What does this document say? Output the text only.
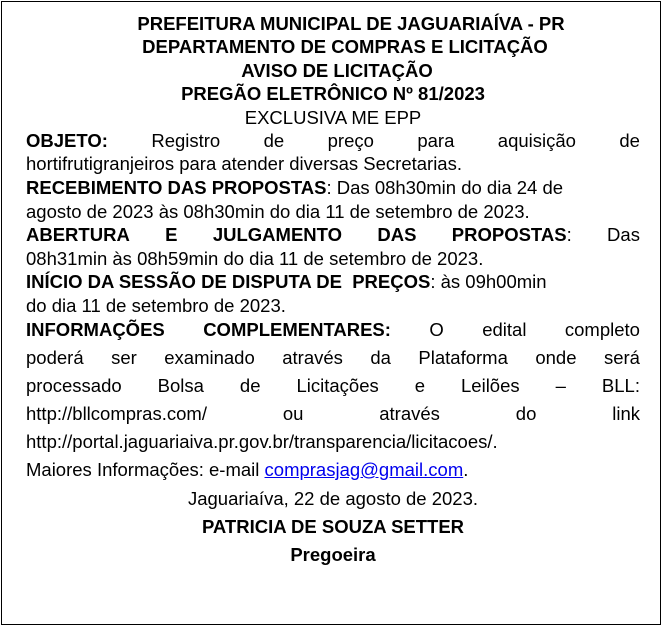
PREFEITURA MUNICIPAL DE JAGUARIAÍVA - PR
DEPARTAMENTO DE COMPRAS E LICITAÇÃO
AVISO DE LICITAÇÃO
PREGÃO ELETRÔNICO Nº 81/2023
EXCLUSIVA ME EPP
OBJETO: Registro de preço para aquisição de
hortifrutigranjeiros para atender diversas Secretarias.
RECEBIMENTO DAS PROPOSTAS: Das 08h30min do dia 24 de
agosto de 2023 às 08h30min do dia 11 de setembro de 2023.
ABERTURA E JULGAMENTO DAS PROPOSTAS: Das
08h31min às 08h59min do dia 11 de setembro de 2023.
INÍCIO DA SESSÃO DE DISPUTA DE  PREÇOS: às 09h00min
do dia 11 de setembro de 2023.
INFORMAÇÕES COMPLEMENTARES: O edital completo
poderá ser examinado através da Plataforma onde será
processado Bolsa de Licitações e Leilões – BLL:
http://bllcompras.com/	ou	através	do	link
http://portal.jaguariaiva.pr.gov.br/transparencia/licitacoes/.
Maiores Informações: e-mail comprasjag@gmail.com.
Jaguariaíva, 22 de agosto de 2023.
PATRICIA DE SOUZA SETTER
Pregoeira
